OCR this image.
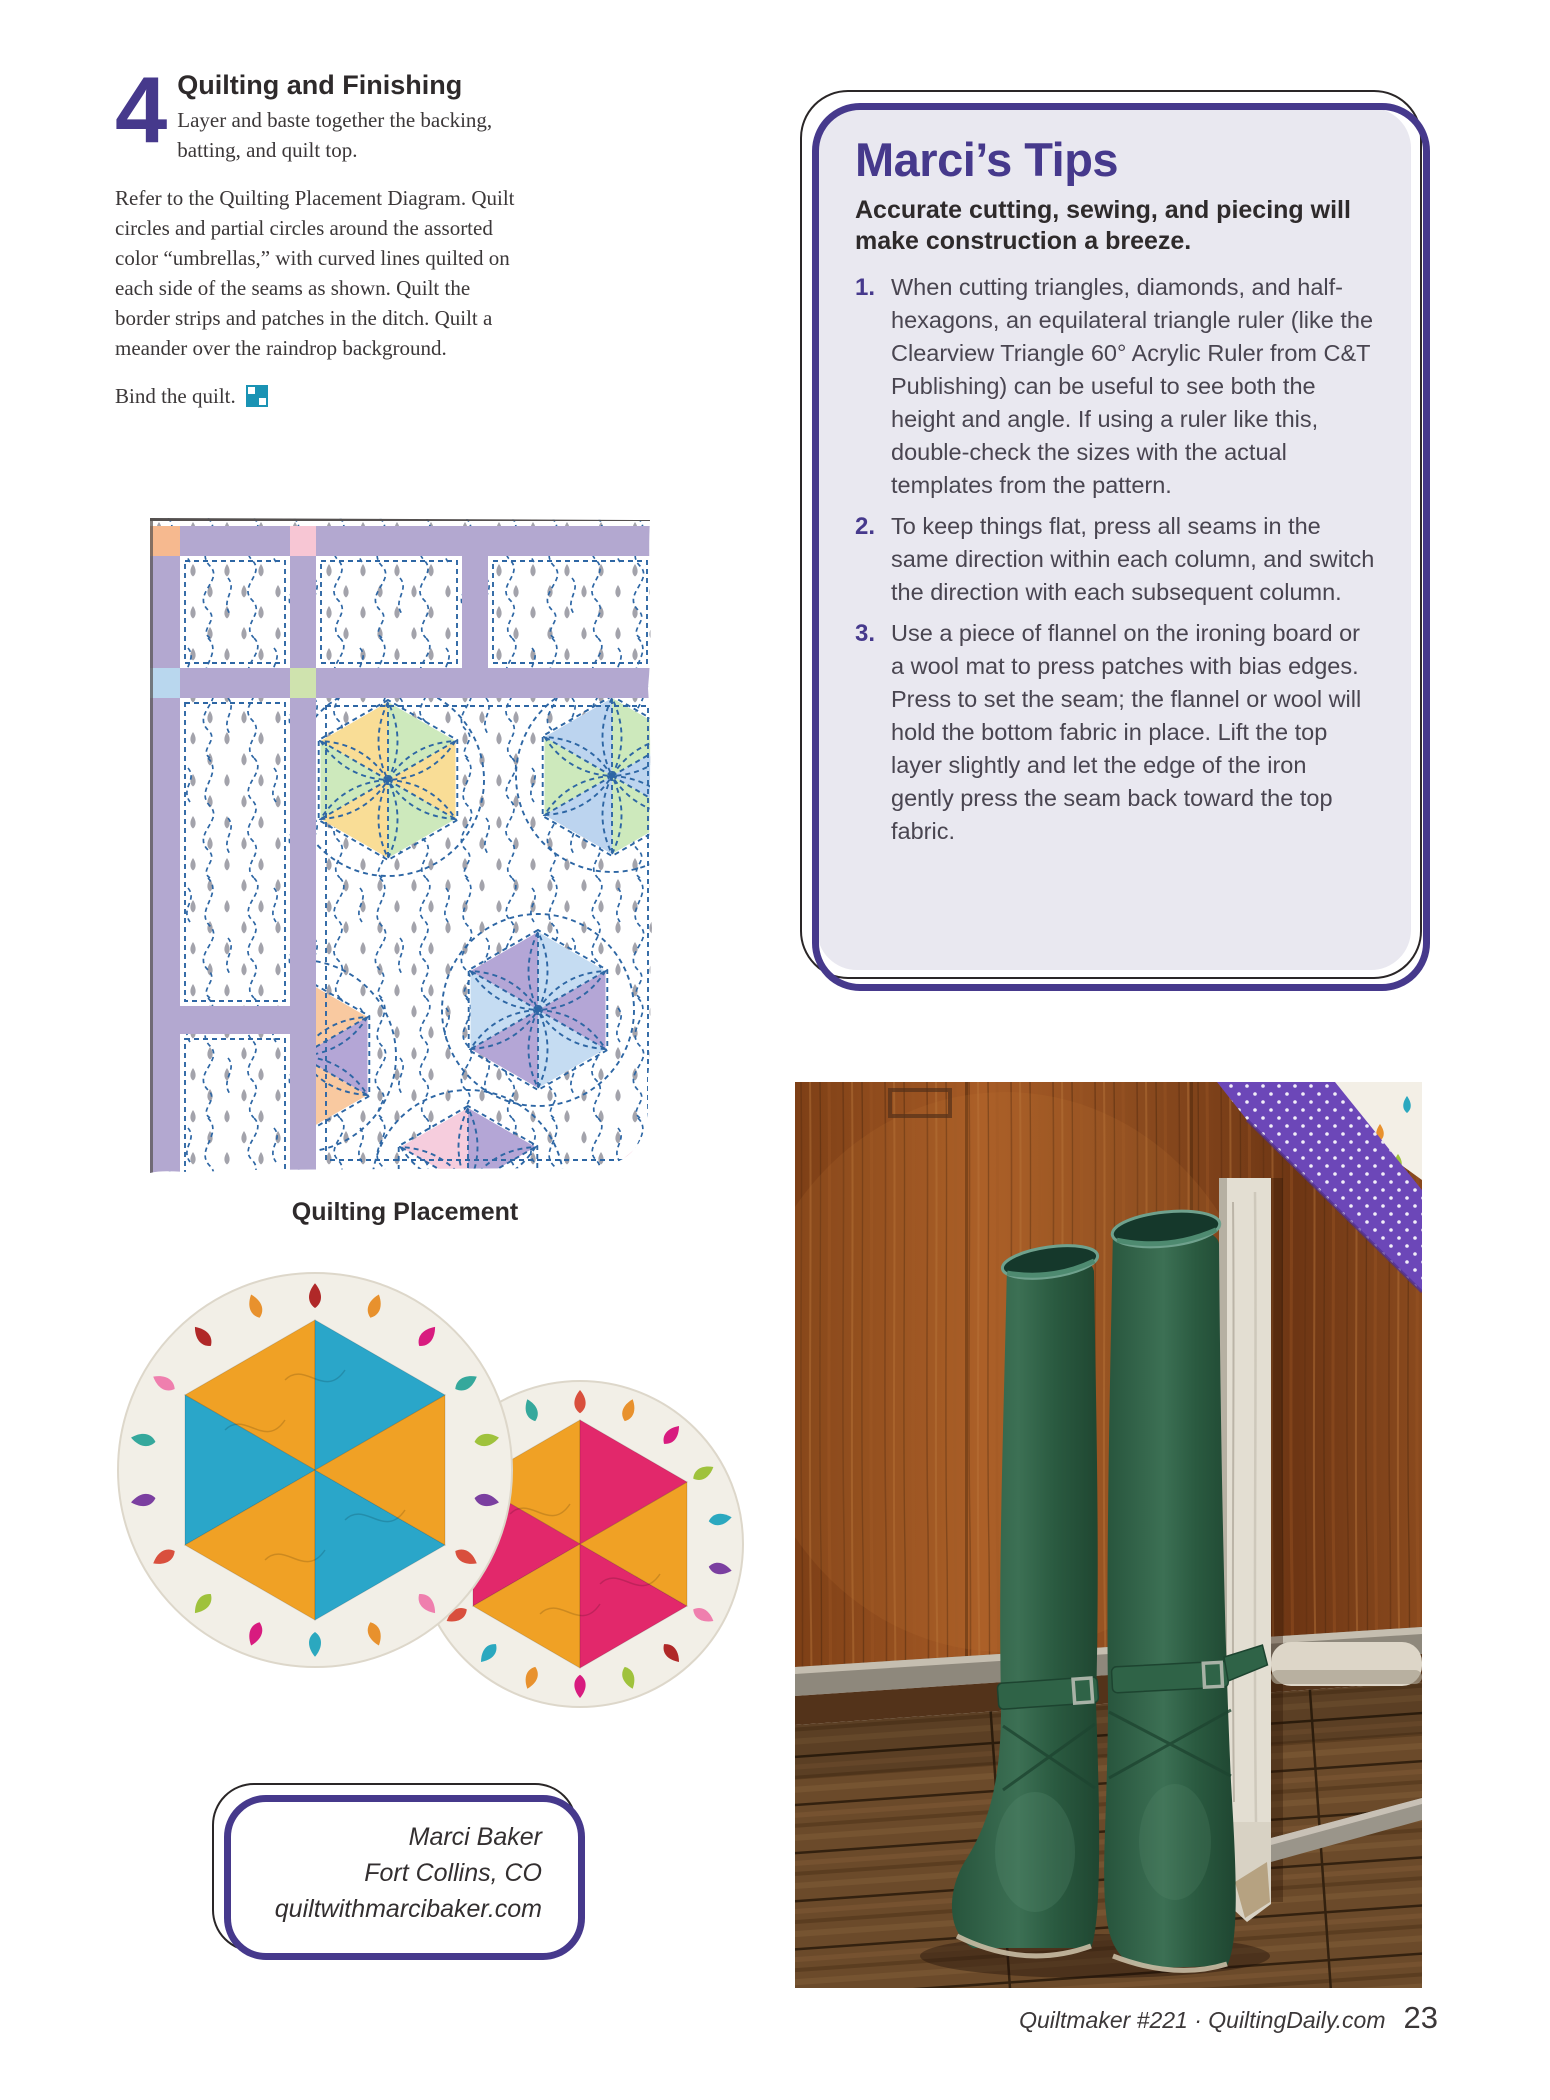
4 Quilting and Finishing
Layer and baste together the backing, batting, and quilt top.
Refer to the Quilting Placement Diagram. Quilt circles and partial circles around the assorted color “umbrellas,” with curved lines quilted on each side of the seams as shown. Quilt the border strips and patches in the ditch. Quilt a meander over the raindrop background.
Bind the quilt.
Quilting Placement
Marci Baker
Fort Collins, CO
quiltwithmarcibaker.com
Marci’s Tips
Accurate cutting, sewing, and piecing will make construction a breeze.
1. When cutting triangles, diamonds, and half-hexagons, an equilateral triangle ruler (like the Clearview Triangle 60° Acrylic Ruler from C&T Publishing) can be useful to see both the height and angle. If using a ruler like this, double-check the sizes with the actual templates from the pattern.
2. To keep things flat, press all seams in the same direction within each column, and switch the direction with each subsequent column.
3. Use a piece of flannel on the ironing board or a wool mat to press patches with bias edges. Press to set the seam; the flannel or wool will hold the bottom fabric in place. Lift the top layer slightly and let the edge of the iron gently press the seam back toward the top fabric.
Quiltmaker #221 · QuiltingDaily.com 23
